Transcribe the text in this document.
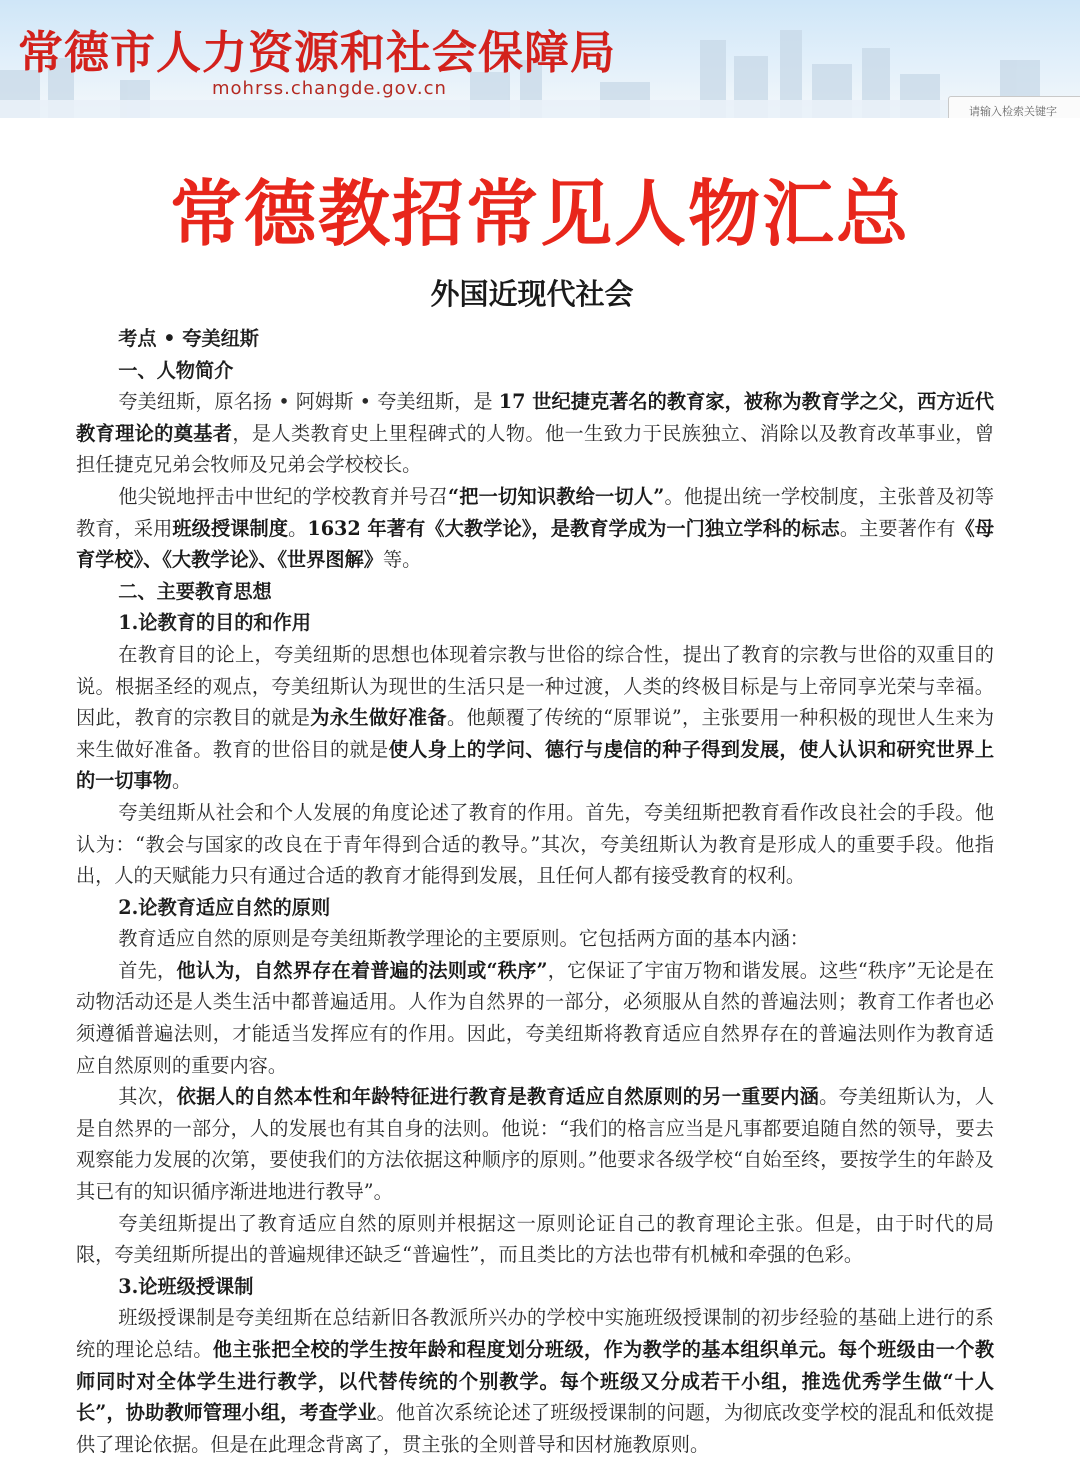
常德市人力资源和社会保障局
mohrss.changde.gov.cn
请输入检索关键字
常德教招常见人物汇总
外国近现代社会

考点 • 夸美纽斯

一、人物简介

夸美纽斯，原名扬 • 阿姆斯 • 夸美纽斯，是 17 世纪捷克著名的教育家，被称为教育学之父，西方近代教育理论的奠基者，是人类教育史上里程碑式的人物。他一生致力于民族独立、消除以及教育改革事业，曾担任捷克兄弟会牧师及兄弟会学校校长。

他尖锐地抨击中世纪的学校教育并号召“把一切知识教给一切人”。他提出统一学校制度，主张普及初等教育，采用班级授课制度。1632 年著有《大教学论》，是教育学成为一门独立学科的标志。主要著作有《母育学校》、《大教学论》、《世界图解》等。

二、主要教育思想

1.论教育的目的和作用

在教育目的论上，夸美纽斯的思想也体现着宗教与世俗的综合性，提出了教育的宗教与世俗的双重目的说。根据圣经的观点，夸美纽斯认为现世的生活只是一种过渡，人类的终极目标是与上帝同享光荣与幸福。因此，教育的宗教目的就是为永生做好准备。他颠覆了传统的“原罪说”，主张要用一种积极的现世人生来为来生做好准备。教育的世俗目的就是使人身上的学问、德行与虔信的种子得到发展，使人认识和研究世界上的一切事物。

夸美纽斯从社会和个人发展的角度论述了教育的作用。首先，夸美纽斯把教育看作改良社会的手段。他认为：“教会与国家的改良在于青年得到合适的教导。”其次，夸美纽斯认为教育是形成人的重要手段。他指出，人的天赋能力只有通过合适的教育才能得到发展，且任何人都有接受教育的权利。

2.论教育适应自然的原则

教育适应自然的原则是夸美纽斯教学理论的主要原则。它包括两方面的基本内涵：

首先，他认为，自然界存在着普遍的法则或“秩序”，它保证了宇宙万物和谐发展。这些“秩序”无论是在动物活动还是人类生活中都普遍适用。人作为自然界的一部分，必须服从自然的普遍法则；教育工作者也必须遵循普遍法则，才能适当发挥应有的作用。因此，夸美纽斯将教育适应自然界存在的普遍法则作为教育适应自然原则的重要内容。

其次，依据人的自然本性和年龄特征进行教育是教育适应自然原则的另一重要内涵。夸美纽斯认为，人是自然界的一部分，人的发展也有其自身的法则。他说：“我们的格言应当是凡事都要追随自然的领导，要去观察能力发展的次第，要使我们的方法依据这种顺序的原则。”他要求各级学校“自始至终，要按学生的年龄及其已有的知识循序渐进地进行教导”。

夸美纽斯提出了教育适应自然的原则并根据这一原则论证自己的教育理论主张。但是，由于时代的局限，夸美纽斯所提出的普遍规律还缺乏“普遍性”，而且类比的方法也带有机械和牵强的色彩。

3.论班级授课制

班级授课制是夸美纽斯在总结新旧各教派所兴办的学校中实施班级授课制的初步经验的基础上进行的系统的理论总结。他主张把全校的学生按年龄和程度划分班级，作为教学的基本组织单元。每个班级由一个教师同时对全体学生进行教学，以代替传统的个别教学。每个班级又分成若干小组，推选优秀学生做“十人长”，协助教师管理小组，考查学业。他首次系统论述了班级授课制的问题，为彻底改变学校的混乱和低效提供了理论依据。但是在此理念背离了，贯主张的全则普导和因材施教原则。
